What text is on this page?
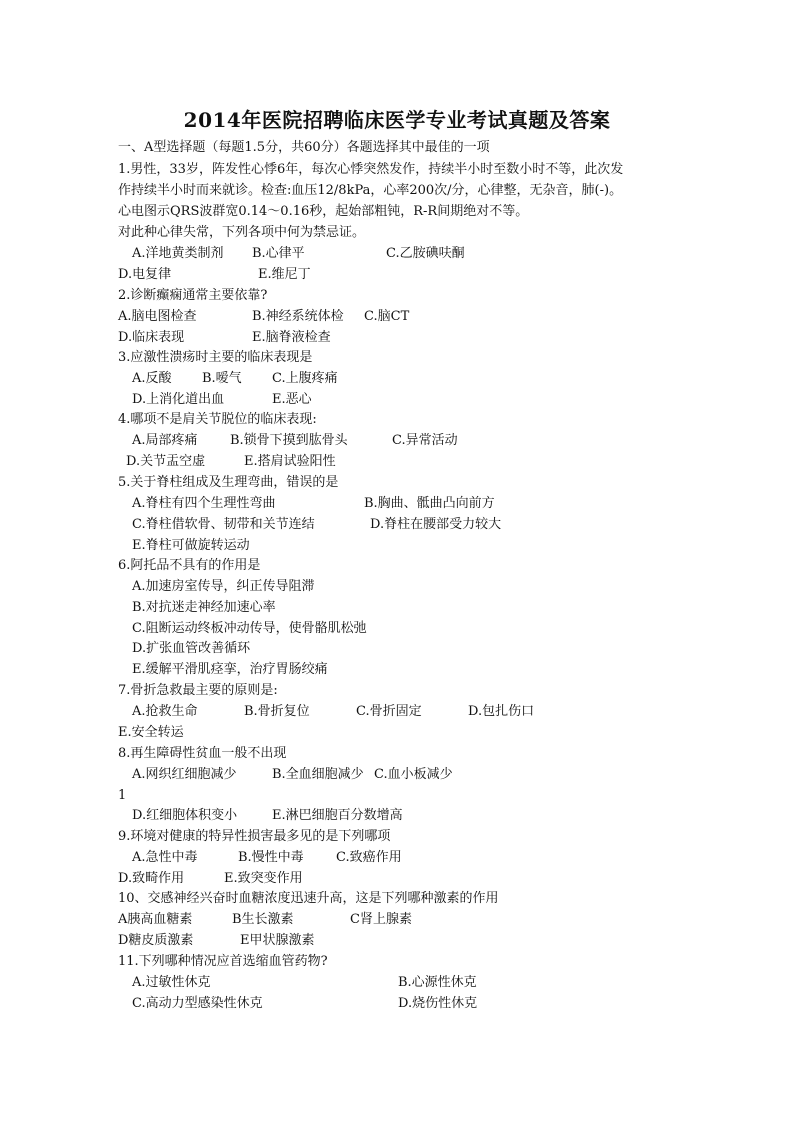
2014年医院招聘临床医学专业考试真题及答案
一、A型选择题（每题1.5分，共60分）各题选择其中最佳的一项
1.男性，33岁，阵发性心悸6年，每次心悸突然发作，持续半小时至数小时不等，此次发
作持续半小时而来就诊。检查:血压12/8kPa，心率200次/分，心律整，无杂音，肺(-)。
心电图示QRS波群宽0.14～0.16秒，起始部粗钝，R-R间期绝对不等。
对此种心律失常，下列各项中何为禁忌证。
A.洋地黄类制剂 B.心律平	C.乙胺碘呋酮
D.电复律	E.维尼丁
2.诊断癫痫通常主要依靠?
A.脑电图检查	B.神经系统体检 C.脑CT
D.临床表现	E.脑脊液检查
3.应激性溃疡时主要的临床表现是
A.反酸 B.嗳气 C.上腹疼痛
D.上消化道出血	E.恶心
4.哪项不是肩关节脱位的临床表现:
A.局部疼痛 B.锁骨下摸到肱骨头	C.异常活动
D.关节盂空虚	E.搭肩试验阳性
5.关于脊柱组成及生理弯曲，错误的是
A.脊柱有四个生理性弯曲	B.胸曲、骶曲凸向前方
C.脊柱借软骨、韧带和关节连结	D.脊柱在腰部受力较大
E.脊柱可做旋转运动
6.阿托品不具有的作用是
A.加速房室传导，纠正传导阻滞
B.对抗迷走神经加速心率
C.阻断运动终板冲动传导，使骨骼肌松弛
D.扩张血管改善循环
E.缓解平滑肌痉挛，治疗胃肠绞痛
7.骨折急救最主要的原则是:
A.抢救生命	B.骨折复位	C.骨折固定	D.包扎伤口
E.安全转运
8.再生障碍性贫血一般不出现
A.网织红细胞减少	B.全血细胞减少 C.血小板减少
1
D.红细胞体积变小	E.淋巴细胞百分数增高
9.环境对健康的特异性损害最多见的是下列哪项
A.急性中毒	B.慢性中毒 C.致癌作用
D.致畸作用	E.致突变作用
10、交感神经兴奋时血糖浓度迅速升高，这是下列哪种激素的作用
A胰高血糖素	B生长激素	C肾上腺素
D糖皮质激素	E甲状腺激素
11.下列哪种情况应首选缩血管药物?
A.过敏性休克	B.心源性休克
C.高动力型感染性休克	D.烧伤性休克
